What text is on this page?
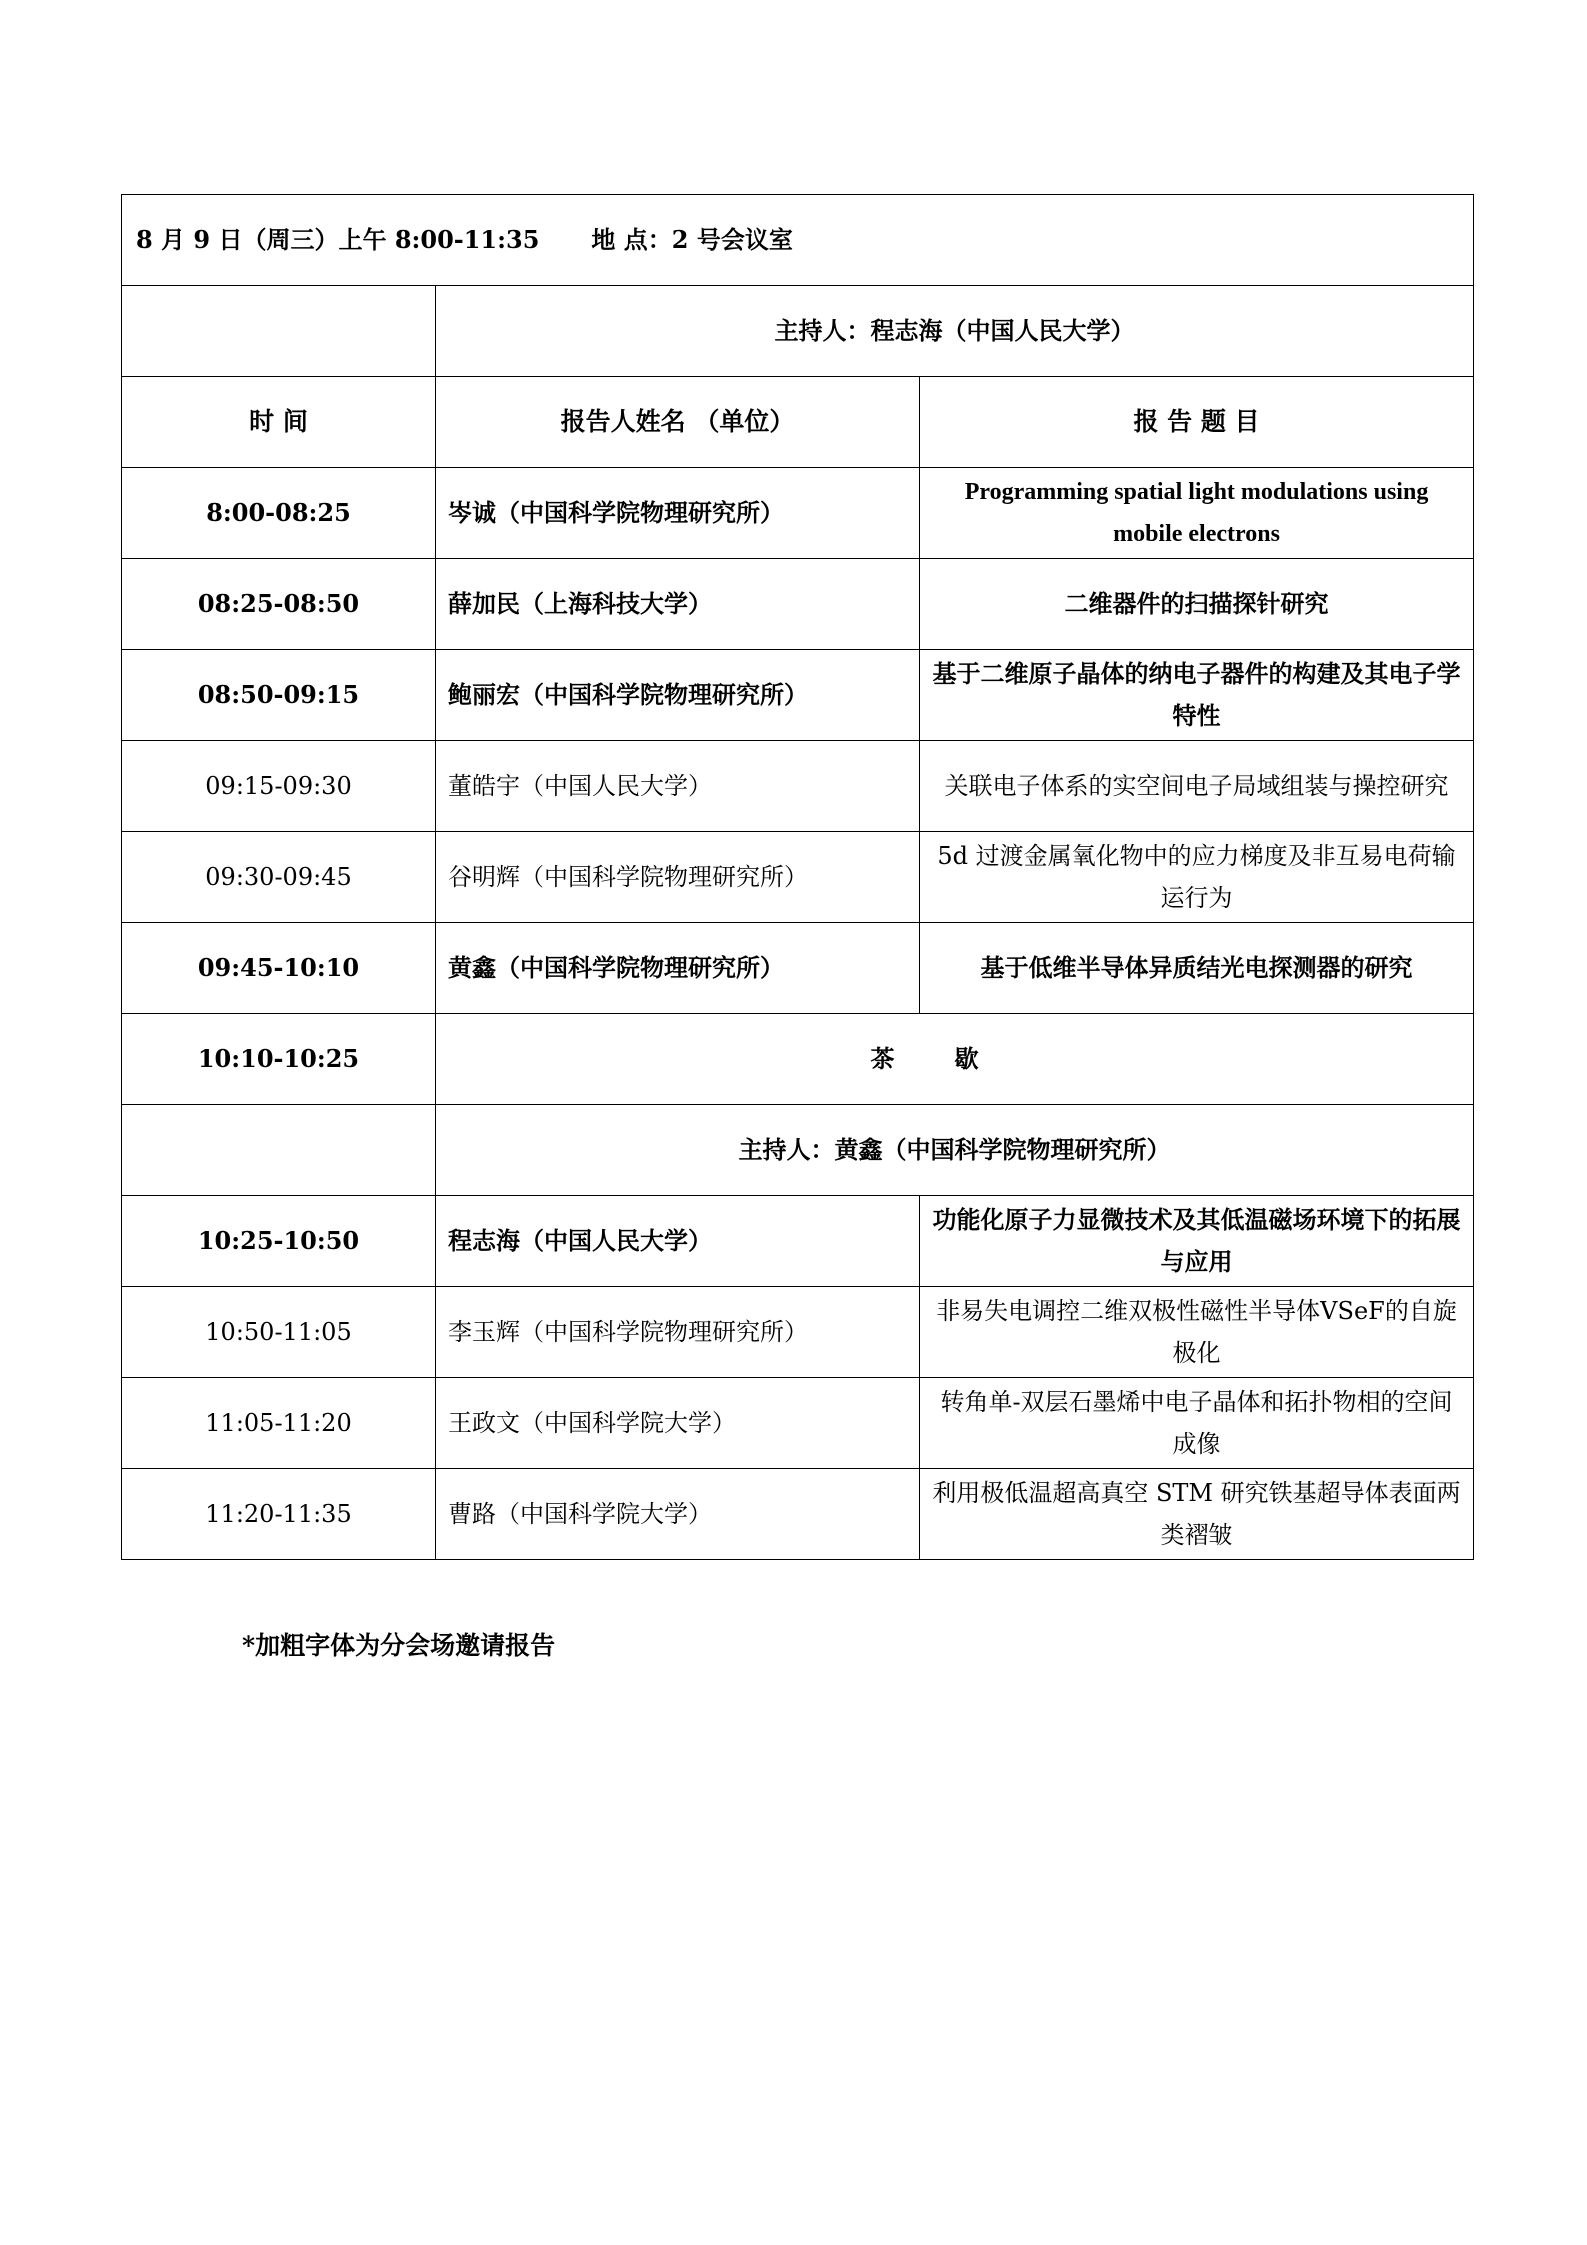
8 月 9 日（周三）上午 8:00-11:35 地 点：2 号会议室		
	主持人：程志海（中国人民大学）	
时 间	报告人姓名 （单位）	报 告 题 目
8:00-08:25	岑诚（中国科学院物理研究所）	Programming spatial light modulations using mobile electrons
08:25-08:50	薛加民（上海科技大学）	二维器件的扫描探针研究
08:50-09:15	鲍丽宏（中国科学院物理研究所）	基于二维原子晶体的纳电子器件的构建及其电子学特性
09:15-09:30	董皓宇（中国人民大学）	关联电子体系的实空间电子局域组装与操控研究
09:30-09:45	谷明辉（中国科学院物理研究所）	5d 过渡金属氧化物中的应力梯度及非互易电荷输运行为
09:45-10:10	黄鑫（中国科学院物理研究所）	基于低维半导体异质结光电探测器的研究
10:10-10:25	茶歇	
	主持人：黄鑫（中国科学院物理研究所）	
10:25-10:50	程志海（中国人民大学）	功能化原子力显微技术及其低温磁场环境下的拓展与应用
10:50-11:05	李玉辉（中国科学院物理研究所）	非易失电调控二维双极性磁性半导体VSeF的自旋极化
11:05-11:20	王政文（中国科学院大学）	转角单-双层石墨烯中电子晶体和拓扑物相的空间成像
11:20-11:35	曹路（中国科学院大学）	利用极低温超高真空 STM 研究铁基超导体表面两类褶皱
*加粗字体为分会场邀请报告
